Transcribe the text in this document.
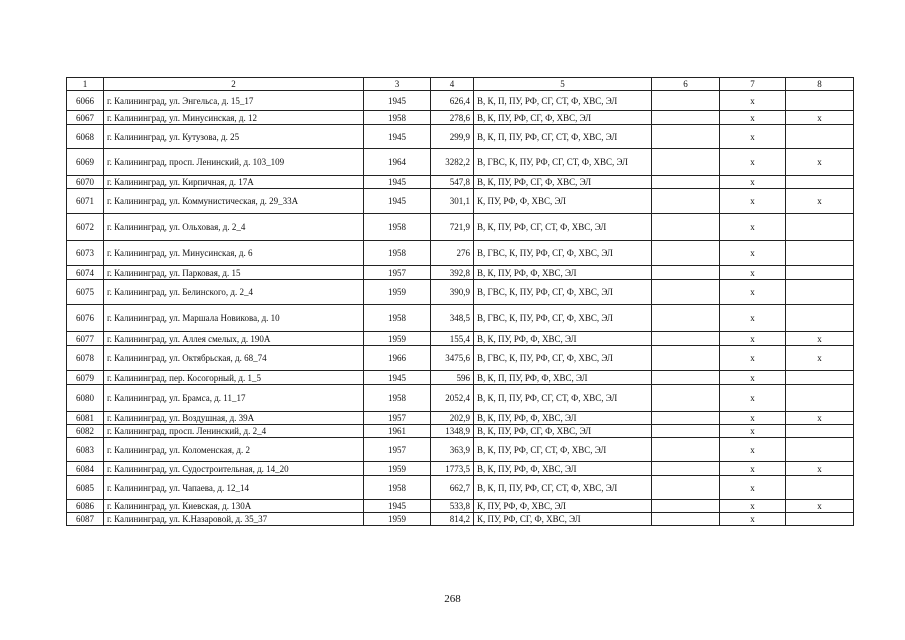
1	2	3	4	5	6	7	8
6066	г. Калининград, ул. Энгельса, д. 15_17	1945	626,4	В, К, П, ПУ, РФ, СГ, СТ, Ф, ХВС, ЭЛ		х	
6067	г. Калининград, ул. Минусинская, д. 12	1958	278,6	В, К, ПУ, РФ, СГ, Ф, ХВС, ЭЛ		х	х
6068	г. Калининград, ул. Кутузова, д. 25	1945	299,9	В, К, П, ПУ, РФ, СГ, СТ, Ф, ХВС, ЭЛ		х	
6069	г. Калининград, просп. Ленинский, д. 103_109	1964	3282,2	В, ГВС, К, ПУ, РФ, СГ, СТ, Ф, ХВС, ЭЛ		х	х
6070	г. Калининград, ул. Кирпичная, д. 17А	1945	547,8	В, К, ПУ, РФ, СГ, Ф, ХВС, ЭЛ		х	
6071	г. Калининград, ул. Коммунистическая, д. 29_33А	1945	301,1	К, ПУ, РФ, Ф, ХВС, ЭЛ		х	х
6072	г. Калининград, ул. Ольховая, д. 2_4	1958	721,9	В, К, ПУ, РФ, СГ, СТ, Ф, ХВС, ЭЛ		х	
6073	г. Калининград, ул. Минусинская, д. 6	1958	276	В, ГВС, К, ПУ, РФ, СГ, Ф, ХВС, ЭЛ		х	
6074	г. Калининград, ул. Парковая, д. 15	1957	392,8	В, К, ПУ, РФ, Ф, ХВС, ЭЛ		х	
6075	г. Калининград, ул. Белинского, д. 2_4	1959	390,9	В, ГВС, К, ПУ, РФ, СГ, Ф, ХВС, ЭЛ		х	
6076	г. Калининград, ул. Маршала Новикова, д. 10	1958	348,5	В, ГВС, К, ПУ, РФ, СГ, Ф, ХВС, ЭЛ		х	
6077	г. Калининград, ул. Аллея смелых, д. 190А	1959	155,4	В, К, ПУ, РФ, Ф, ХВС, ЭЛ		х	х
6078	г. Калининград, ул. Октябрьская, д. 68_74	1966	3475,6	В, ГВС, К, ПУ, РФ, СГ, Ф, ХВС, ЭЛ		х	х
6079	г. Калининград, пер. Косогорный, д. 1_5	1945	596	В, К, П, ПУ, РФ, Ф, ХВС, ЭЛ		х	
6080	г. Калининград, ул. Брамса, д. 11_17	1958	2052,4	В, К, П, ПУ, РФ, СГ, СТ, Ф, ХВС, ЭЛ		х	
6081	г. Калининград, ул. Воздушная, д. 39А	1957	202,9	В, К, ПУ, РФ, Ф, ХВС, ЭЛ		х	х
6082	г. Калининград, просп. Ленинский, д. 2_4	1961	1348,9	В, К, ПУ, РФ, СГ, Ф, ХВС, ЭЛ		х	
6083	г. Калининград, ул. Коломенская, д. 2	1957	363,9	В, К, ПУ, РФ, СГ, СТ, Ф, ХВС, ЭЛ		х	
6084	г. Калининград, ул. Судостроительная, д. 14_20	1959	1773,5	В, К, ПУ, РФ, Ф, ХВС, ЭЛ		х	х
6085	г. Калининград, ул. Чапаева, д. 12_14	1958	662,7	В, К, П, ПУ, РФ, СГ, СТ, Ф, ХВС, ЭЛ		х	
6086	г. Калининград, ул. Киевская, д. 130А	1945	533,8	К, ПУ, РФ, Ф, ХВС, ЭЛ		х	х
6087	г. Калининград, ул. К.Назаровой, д. 35_37	1959	814,2	К, ПУ, РФ, СГ, Ф, ХВС, ЭЛ		х	
268
